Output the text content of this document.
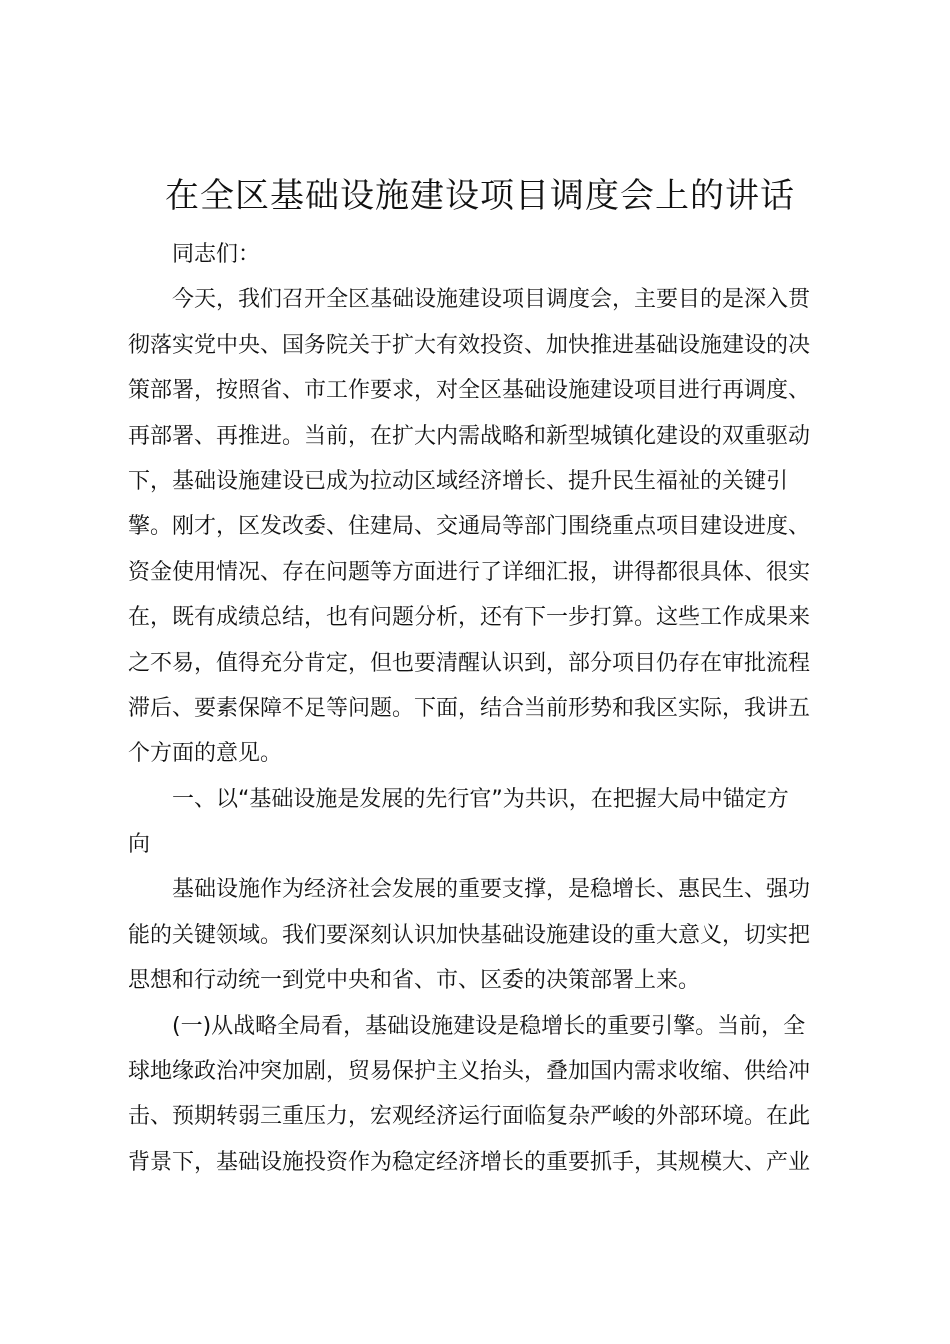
在全区基础设施建设项目调度会上的讲话
同志们：
今天，我们召开全区基础设施建设项目调度会，主要目的是深入贯
彻落实党中央、国务院关于扩大有效投资、加快推进基础设施建设的决
策部署，按照省、市工作要求，对全区基础设施建设项目进行再调度、
再部署、再推进。当前，在扩大内需战略和新型城镇化建设的双重驱动
下，基础设施建设已成为拉动区域经济增长、提升民生福祉的关键引
擎。刚才，区发改委、住建局、交通局等部门围绕重点项目建设进度、
资金使用情况、存在问题等方面进行了详细汇报，讲得都很具体、很实
在，既有成绩总结，也有问题分析，还有下一步打算。这些工作成果来
之不易，值得充分肯定，但也要清醒认识到，部分项目仍存在审批流程
滞后、要素保障不足等问题。下面，结合当前形势和我区实际，我讲五
个方面的意见。
一、以“基础设施是发展的先行官”为共识，在把握大局中锚定方
向
基础设施作为经济社会发展的重要支撑，是稳增长、惠民生、强功
能的关键领域。我们要深刻认识加快基础设施建设的重大意义，切实把
思想和行动统一到党中央和省、市、区委的决策部署上来。
(一)从战略全局看，基础设施建设是稳增长的重要引擎。当前，全
球地缘政治冲突加剧，贸易保护主义抬头，叠加国内需求收缩、供给冲
击、预期转弱三重压力，宏观经济运行面临复杂严峻的外部环境。在此
背景下，基础设施投资作为稳定经济增长的重要抓手，其规模大、产业
